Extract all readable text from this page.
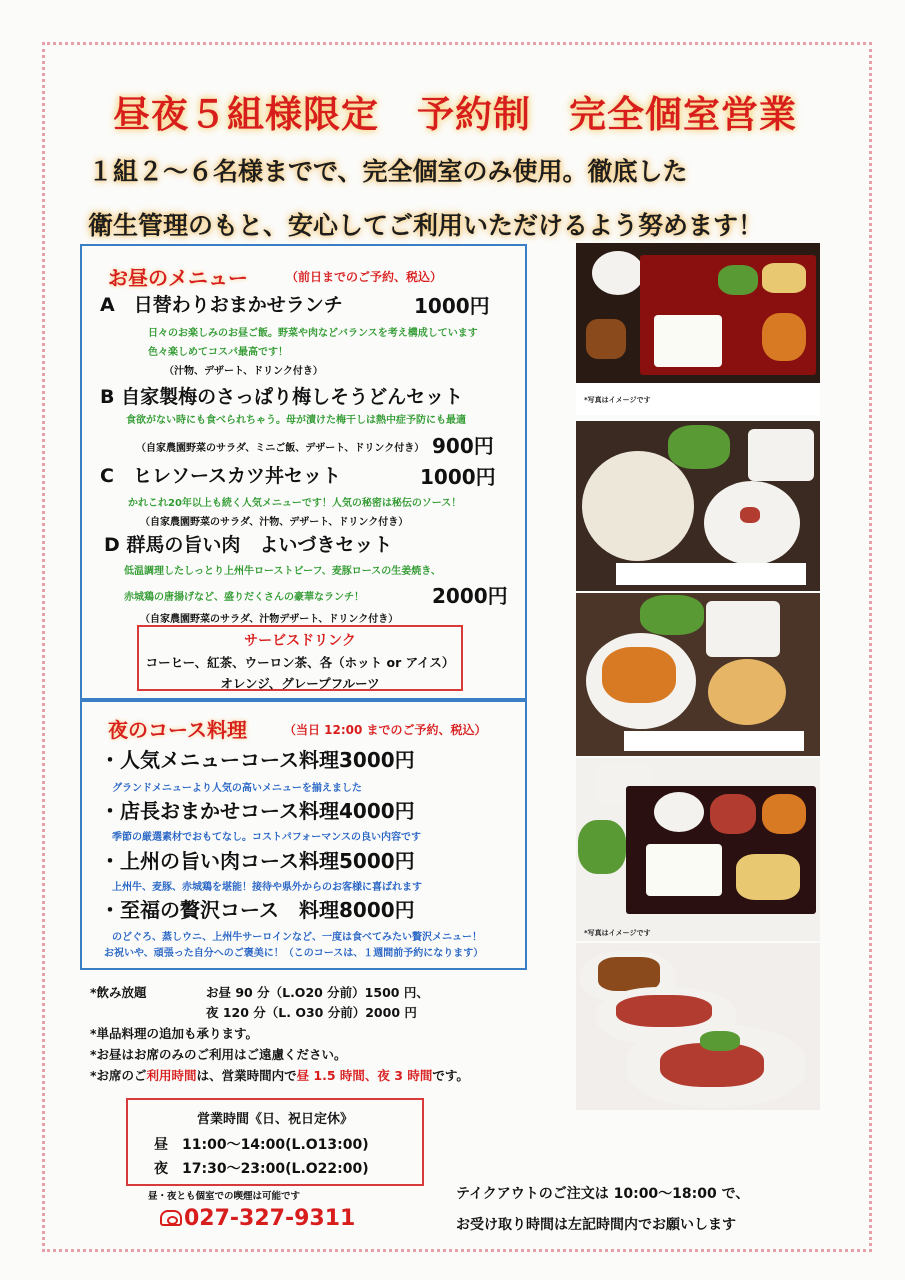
昼夜５組様限定　予約制　完全個室営業
１組２～６名様までで、完全個室のみ使用。徹底した
衛生管理のもと、安心してご利用いただけるよう努めます！
お昼のメニュー	（前日までのご予約、税込）
A　日替わりおまかせランチ	1000円
日々のお楽しみのお昼ご飯。野菜や肉などバランスを考え構成しています
色々楽しめてコスパ最高です！
（汁物、デザート、ドリンク付き）
B 自家製梅のさっぱり梅しそうどんセット
食欲がない時にも食べられちゃう。母が漬けた梅干しは熱中症予防にも最適
（自家農園野菜のサラダ、ミニご飯、デザート、ドリンク付き） 900円
C　ヒレソースカツ丼セット	1000円
かれこれ20年以上も続く人気メニューです！人気の秘密は秘伝のソース！
（自家農園野菜のサラダ、汁物、デザート、ドリンク付き）
D 群馬の旨い肉　よいづきセット
低温調理したしっとり上州牛ローストビーフ、麦豚ロースの生姜焼き、
赤城鶏の唐揚げなど、盛りだくさんの豪華なランチ！	2000円
（自家農園野菜のサラダ、汁物デザート、ドリンク付き）
サービスドリンク
コーヒー、紅茶、ウーロン茶、各（ホット or アイス）
オレンジ、グレープフルーツ
夜のコース料理	（当日 12:00 までのご予約、税込）
・人気メニューコース料理3000円
グランドメニューより人気の高いメニューを揃えました
・店長おまかせコース料理4000円
季節の厳選素材でおもてなし。コストパフォーマンスの良い内容です
・上州の旨い肉コース料理5000円
上州牛、麦豚、赤城鶏を堪能！接待や県外からのお客様に喜ばれます
・至福の贅沢コース　料理8000円
のどぐろ、蒸しウニ、上州牛サーロインなど、一度は食べてみたい贅沢メニュー！
お祝いや、頑張った自分へのご褒美に！（このコースは、１週間前予約になります）
*飲み放題	お昼 90 分（L.O20 分前）1500 円、
夜 120 分（L. O30 分前）2000 円
*単品料理の追加も承ります。
*お昼はお席のみのご利用はご遠慮ください。
*お席のご利用時間は、営業時間内で昼 1.5 時間、夜 3 時間です。
営業時間《日、祝日定休》
昼　11:00～14:00(L.O13:00)
夜　17:30～23:00(L.O22:00)
昼・夜とも個室での喫煙は可能です
027-327-9311
テイクアウトのご注文は 10:00～18:00 で、
お受け取り時間は左記時間内でお願いします
*写真はイメージです
*写真はイメージです
